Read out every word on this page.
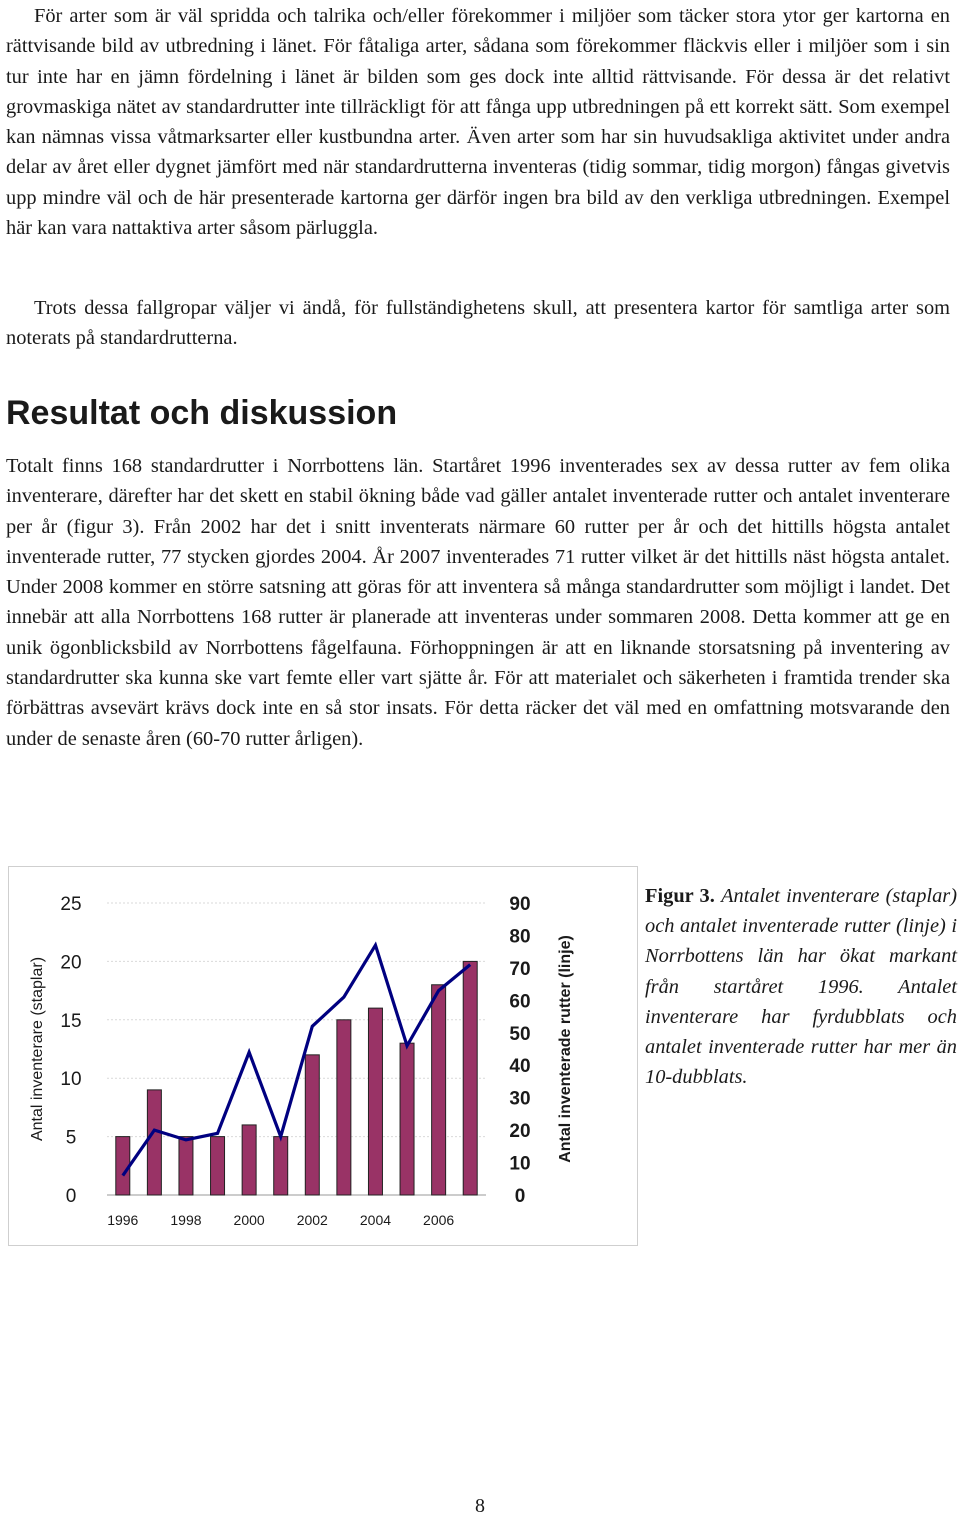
För arter som är väl spridda och talrika och/eller förekommer i miljöer som täcker stora ytor ger kartorna en rättvisande bild av utbredning i länet. För fåtaliga arter, sådana som förekommer fläckvis eller i miljöer som i sin tur inte har en jämn fördelning i länet är bilden som ges dock inte alltid rättvisande. För dessa är det relativt grovmaskiga nätet av standardrutter inte tillräckligt för att fånga upp utbredningen på ett korrekt sätt. Som exempel kan nämnas vissa våtmarksarter eller kustbundna arter. Även arter som har sin huvudsakliga aktivitet under andra delar av året eller dygnet jämfört med när standardrutterna inventeras (tidig sommar, tidig morgon) fångas givetvis upp mindre väl och de här presenterade kartorna ger därför ingen bra bild av den verkliga utbredningen. Exempel här kan vara nattaktiva arter såsom pärluggla.

Trots dessa fallgropar väljer vi ändå, för fullständighetens skull, att presentera kartor för samtliga arter som noterats på standardrutterna.

Resultat och diskussion

Totalt finns 168 standardrutter i Norrbottens län. Startåret 1996 inventerades sex av dessa rutter av fem olika inventerare, därefter har det skett en stabil ökning både vad gäller antalet inventerade rutter och antalet inventerare per år (figur 3). Från 2002 har det i snitt inventerats närmare 60 rutter per år och det hittills högsta antalet inventerade rutter, 77 stycken gjordes 2004. År 2007 inventerades 71 rutter vilket är det hittills näst högsta antalet. Under 2008 kommer en större satsning att göras för att inventera så många standardrutter som möjligt i landet. Det innebär att alla Norrbottens 168 rutter är planerade att inventeras under sommaren 2008. Detta kommer att ge en unik ögonblicksbild av Norrbottens fågelfauna. Förhoppningen är att en liknande storsatsning på inventering av standardrutter ska kunna ske vart femte eller vart sjätte år. För att materialet och säkerheten i framtida trender ska förbättras avsevärt krävs dock inte en så stor insats. För detta räcker det väl med en omfattning motsvarande den under de senaste åren (60-70 rutter årligen).

0
5
10
15
20
25
0
10
20
30
40
50
60
70
80
90
1996 1998 2000 2002 2004 2006
Antal inventerare (staplar)	Antal inventerade rutter (linje)

Figur 3. Antalet inventerare (staplar) och antalet inventerade rutter (linje) i Norrbottens län har ökat markant från startåret 1996. Antalet inventerare har fyrdubblats och antalet inventerade rutter har mer än 10-dubblats.

8
